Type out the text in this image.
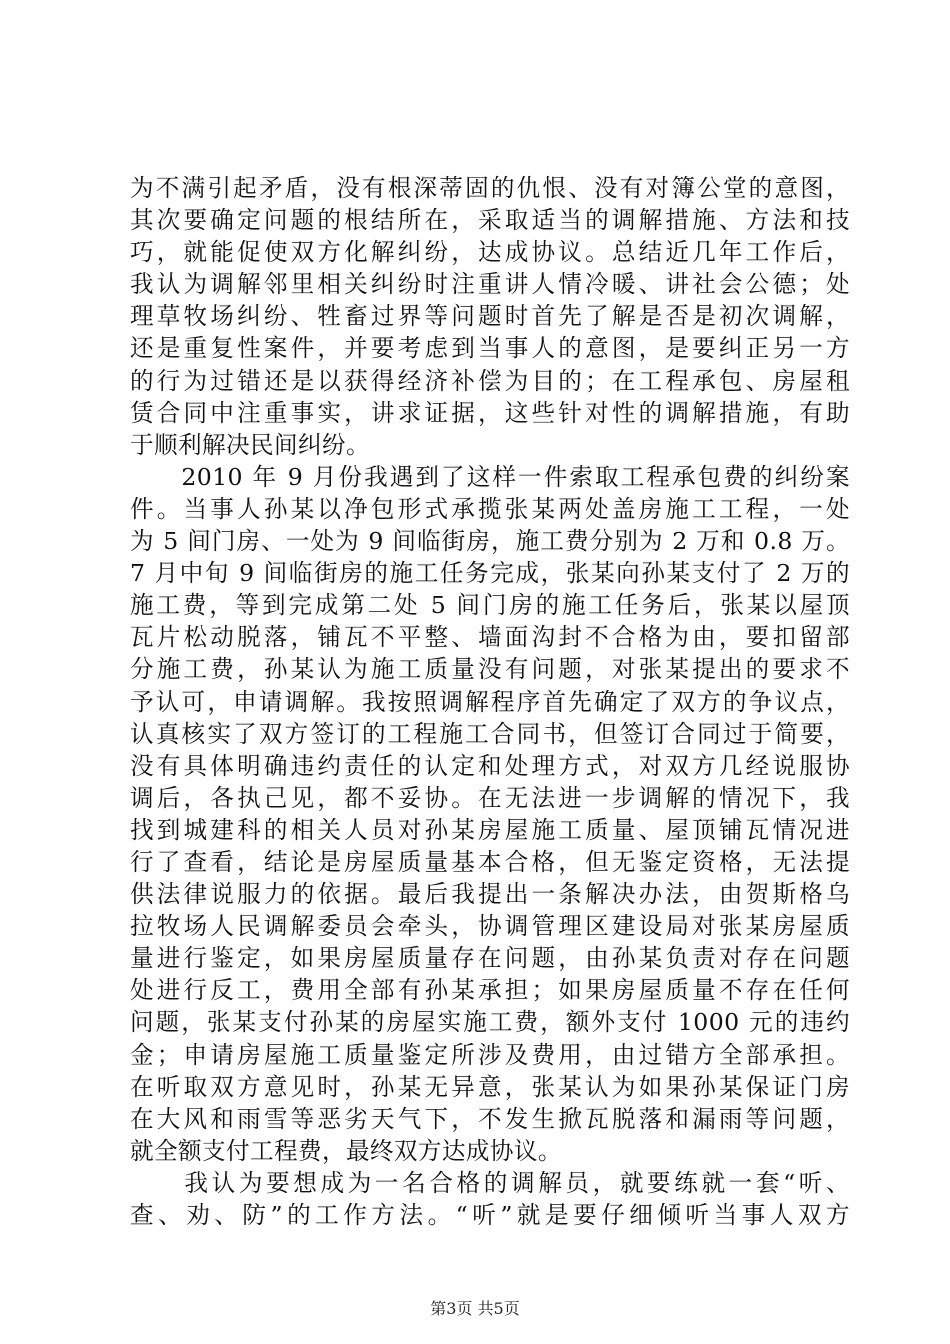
为不满引起矛盾，没有根深蒂固的仇恨、没有对簿公堂的意图，
其次要确定问题的根结所在，采取适当的调解措施、方法和技
巧，就能促使双方化解纠纷，达成协议。总结近几年工作后，
我认为调解邻里相关纠纷时注重讲人情冷暖、讲社会公德；处
理草牧场纠纷、牲畜过界等问题时首先了解是否是初次调解，
还是重复性案件，并要考虑到当事人的意图，是要纠正另一方
的行为过错还是以获得经济补偿为目的；在工程承包、房屋租
赁合同中注重事实，讲求证据，这些针对性的调解措施，有助
于顺利解决民间纠纷。
　　2010 年 9 月份我遇到了这样一件索取工程承包费的纠纷案
件。当事人孙某以净包形式承揽张某两处盖房施工工程，一处
为 5 间门房、一处为 9 间临街房，施工费分别为 2 万和 0.8 万。
7 月中旬 9 间临街房的施工任务完成，张某向孙某支付了 2 万的
施工费，等到完成第二处 5 间门房的施工任务后，张某以屋顶
瓦片松动脱落，铺瓦不平整、墙面沟封不合格为由，要扣留部
分施工费，孙某认为施工质量没有问题，对张某提出的要求不
予认可，申请调解。我按照调解程序首先确定了双方的争议点，
认真核实了双方签订的工程施工合同书，但签订合同过于简要，
没有具体明确违约责任的认定和处理方式，对双方几经说服协
调后，各执己见，都不妥协。在无法进一步调解的情况下，我
找到城建科的相关人员对孙某房屋施工质量、屋顶铺瓦情况进
行了查看，结论是房屋质量基本合格，但无鉴定资格，无法提
供法律说服力的依据。最后我提出一条解决办法，由贺斯格乌
拉牧场人民调解委员会牵头，协调管理区建设局对张某房屋质
量进行鉴定，如果房屋质量存在问题，由孙某负责对存在问题
处进行反工，费用全部有孙某承担；如果房屋质量不存在任何
问题，张某支付孙某的房屋实施工费，额外支付 1000 元的违约
金；申请房屋施工质量鉴定所涉及费用，由过错方全部承担。
在听取双方意见时，孙某无异意，张某认为如果孙某保证门房
在大风和雨雪等恶劣天气下，不发生掀瓦脱落和漏雨等问题，
就全额支付工程费，最终双方达成协议。
　　我认为要想成为一名合格的调解员，就要练就一套“听、
查、劝、防”的工作方法。“听”就是要仔细倾听当事人双方
第3页 共5页
